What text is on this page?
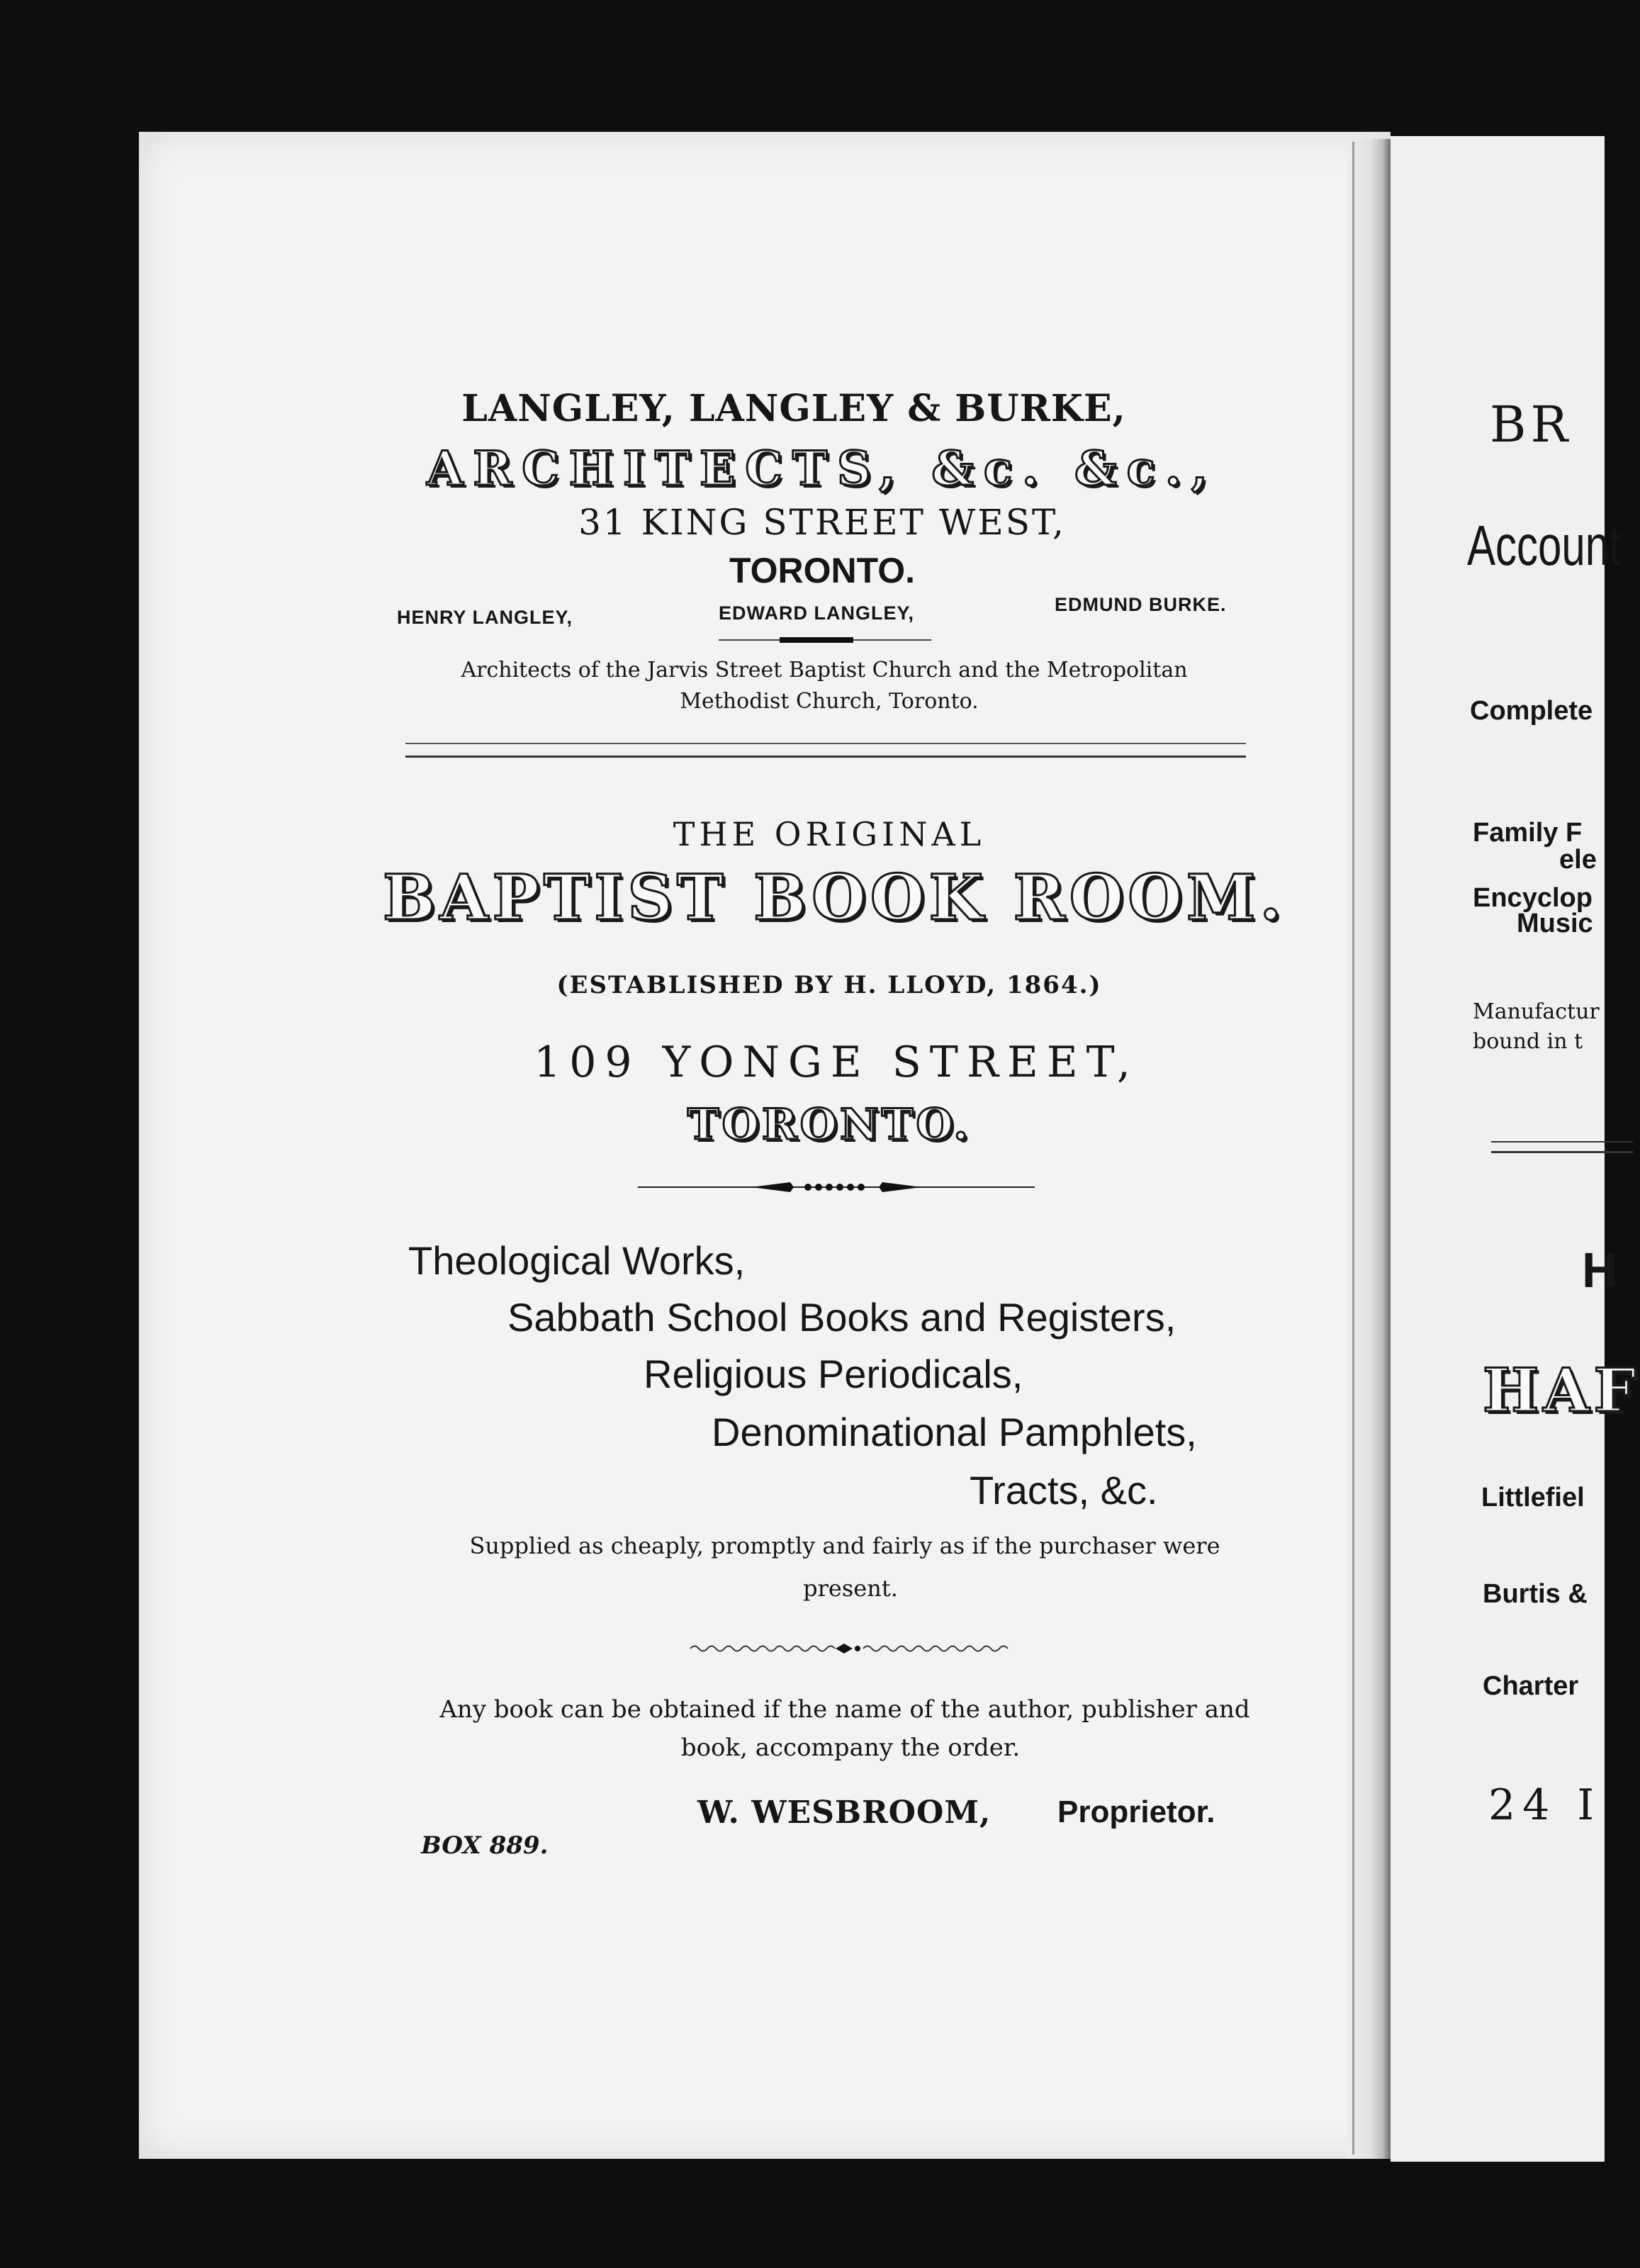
LANGLEY, LANGLEY & BURKE,
ARCHITECTS, &c. &c.,
31 KING STREET WEST,
TORONTO.
HENRY LANGLEY,	EDWARD LANGLEY,	EDMUND BURKE.
Architects of the Jarvis Street Baptist Church and the Metropolitan
Methodist Church, Toronto.
THE ORIGINAL
BAPTIST BOOK ROOM.
(ESTABLISHED BY H. LLOYD, 1864.)
109 YONGE STREET,
TORONTO.
Theological Works,
Sabbath School Books and Registers,
Religious Periodicals,
Denominational Pamphlets,
Tracts, &c.
Supplied as cheaply, promptly and fairly as if the purchaser were
present.
Any book can be obtained if the name of the author, publisher and
book, accompany the order.
W. WESBROOM, Proprietor.
BOX 889.
BR
Account
Complete
Family F
ele
Encyclop
Music
Manufactur
bound in t
H
HAF
Littlefiel
Burtis &
Charter
24 I
